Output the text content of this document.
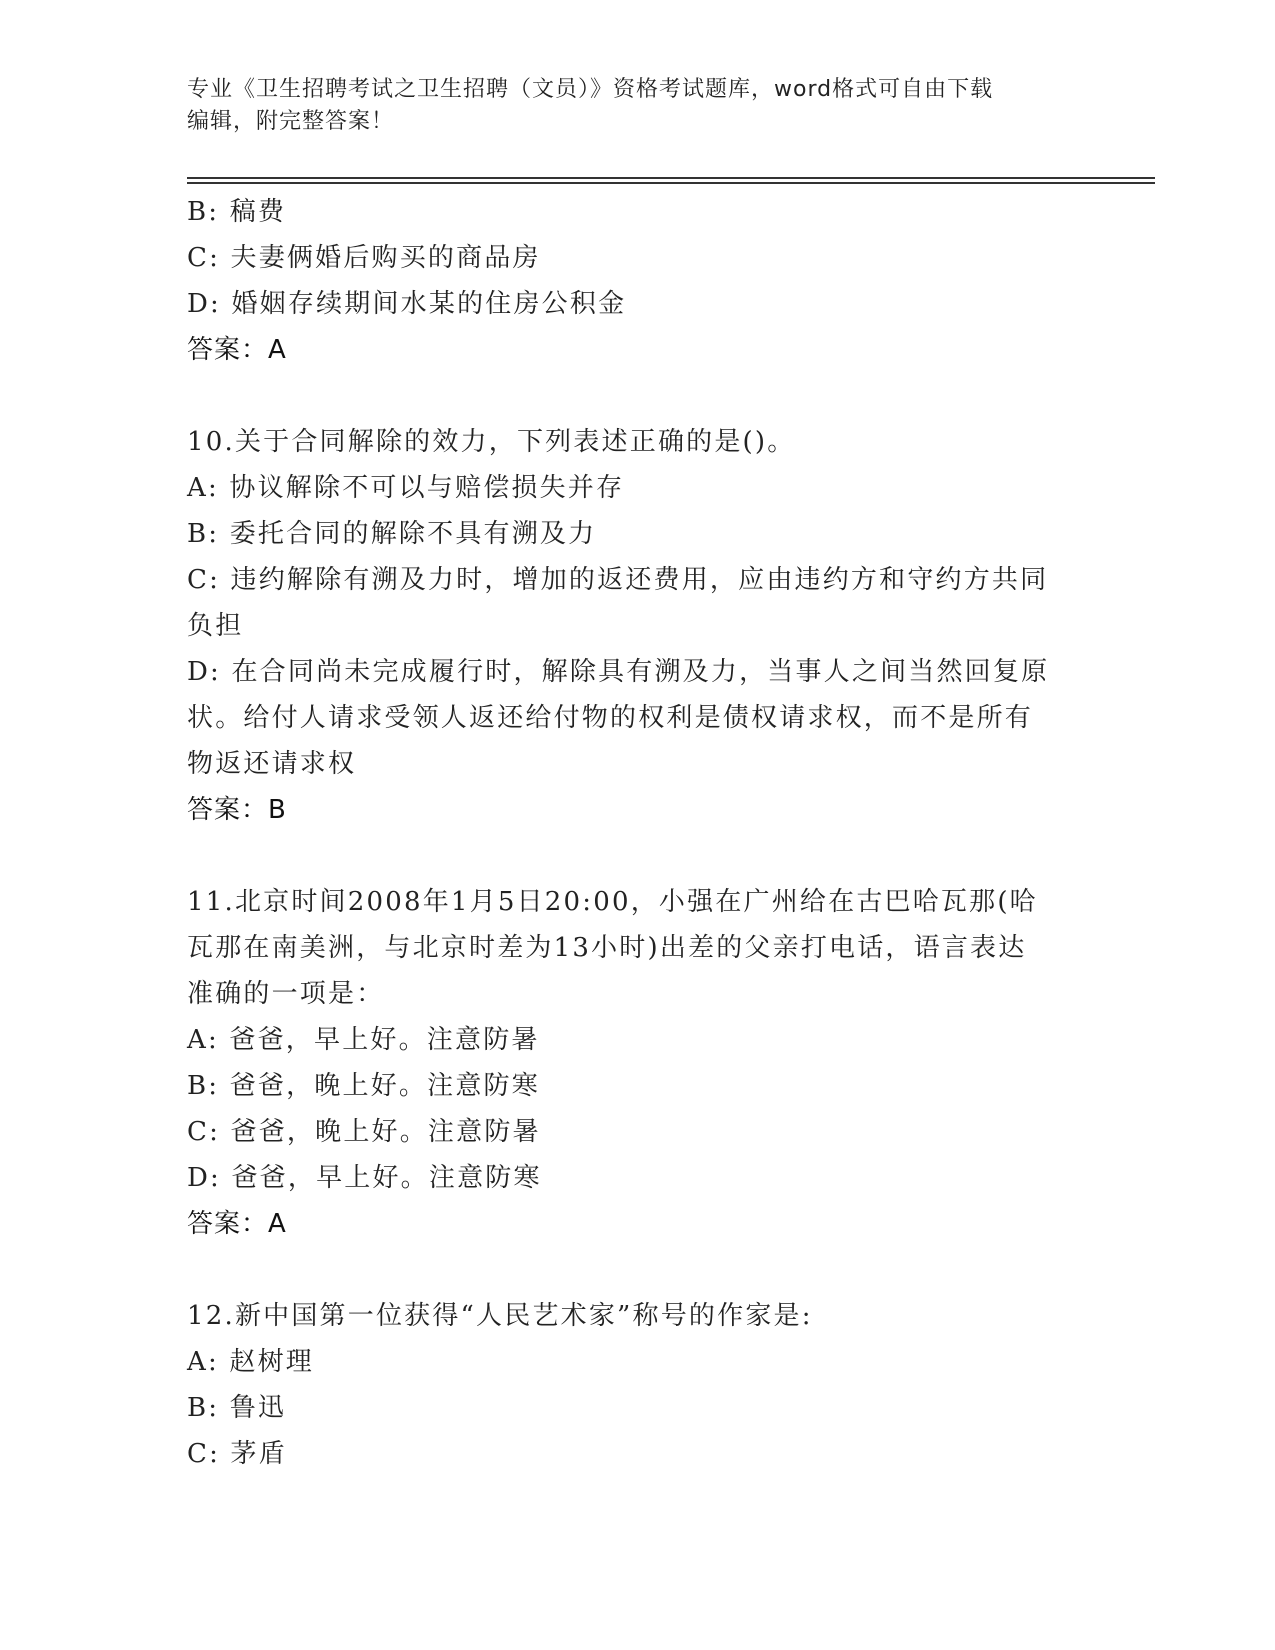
专业《卫生招聘考试之卫生招聘（文员）》资格考试题库，word格式可自由下载
编辑，附完整答案！
B: 稿费
C: 夫妻俩婚后购买的商品房
D: 婚姻存续期间水某的住房公积金
答案：A
10.关于合同解除的效力，下列表述正确的是()。
A: 协议解除不可以与赔偿损失并存
B: 委托合同的解除不具有溯及力
C: 违约解除有溯及力时，增加的返还费用，应由违约方和守约方共同
负担
D: 在合同尚未完成履行时，解除具有溯及力，当事人之间当然回复原
状。给付人请求受领人返还给付物的权利是债权请求权，而不是所有
物返还请求权
答案：B
11.北京时间2008年1月5日20:00，小强在广州给在古巴哈瓦那(哈
瓦那在南美洲，与北京时差为13小时)出差的父亲打电话，语言表达
准确的一项是：
A: 爸爸，早上好。注意防暑
B: 爸爸，晚上好。注意防寒
C: 爸爸，晚上好。注意防暑
D: 爸爸，早上好。注意防寒
答案：A
12.新中国第一位获得“人民艺术家”称号的作家是:
A: 赵树理
B: 鲁迅
C: 茅盾
